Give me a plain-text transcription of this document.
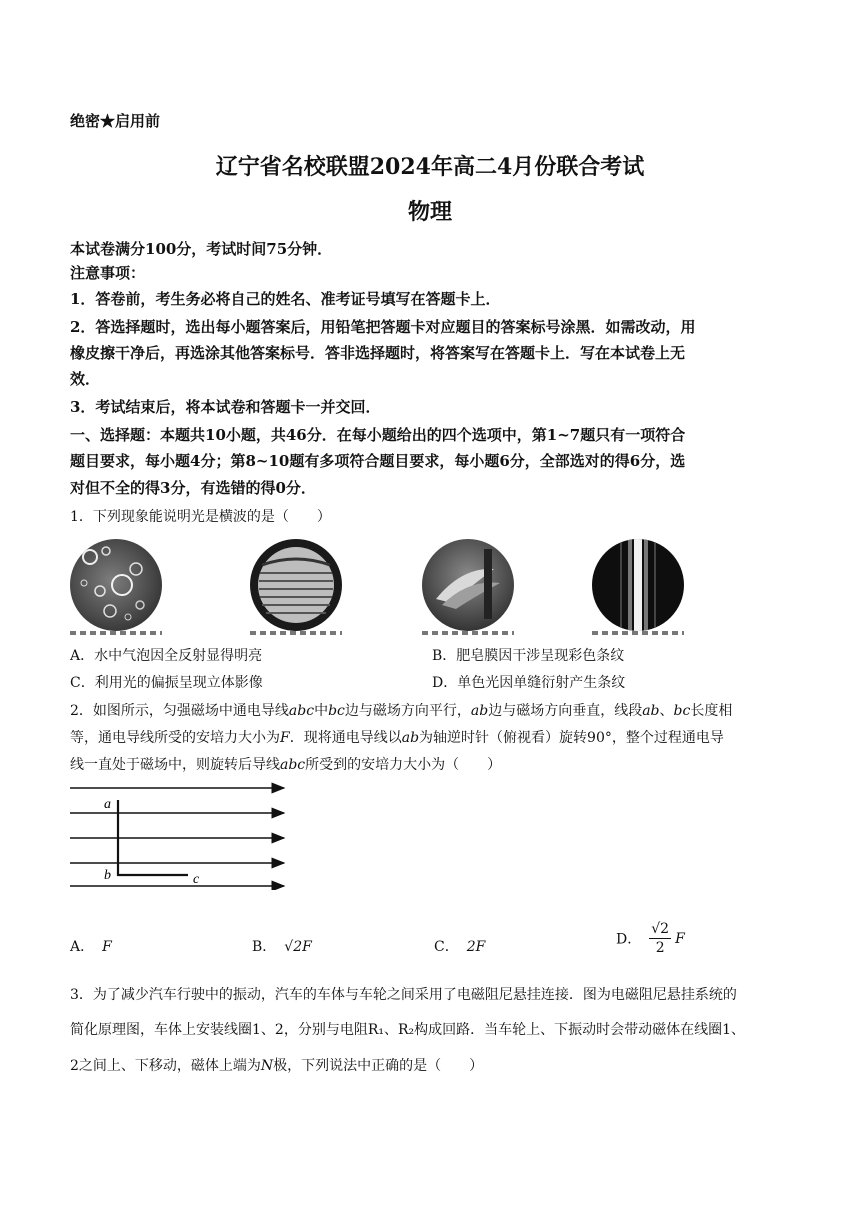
绝密★启用前
辽宁省名校联盟2024年高二4月份联合考试
物理
本试卷满分100分，考试时间75分钟．
注意事项：
1．答卷前，考生务必将自己的姓名、准考证号填写在答题卡上．
2．答选择题时，选出每小题答案后，用铅笔把答题卡对应题目的答案标号涂黑．如需改动，用
橡皮擦干净后，再选涂其他答案标号．答非选择题时，将答案写在答题卡上．写在本试卷上无
效．
3．考试结束后，将本试卷和答题卡一并交回．
一、选择题：本题共10小题，共46分．在每小题给出的四个选项中，第1~7题只有一项符合
题目要求，每小题4分；第8~10题有多项符合题目要求，每小题6分，全部选对的得6分，选
对但不全的得3分，有选错的得0分．
1．下列现象能说明光是横波的是（　　）
A．水中气泡因全反射显得明亮	B．肥皂膜因干涉呈现彩色条纹
C．利用光的偏振呈现立体影像	D．单色光因单缝衍射产生条纹
2．如图所示，匀强磁场中通电导线abc中bc边与磁场方向平行，ab边与磁场方向垂直，线段ab、bc长度相
等，通电导线所受的安培力大小为F．现将通电导线以ab为轴逆时针（俯视看）旋转90°，整个过程通电导
线一直处于磁场中，则旋转后导线abc所受到的安培力大小为（　　）
a
b	c
A． F	B． √2F	C． 2F	D． $\frac{√2}{2}$ F
3．为了减少汽车行驶中的振动，汽车的车体与车轮之间采用了电磁阻尼悬挂连接．图为电磁阻尼悬挂系统的
简化原理图，车体上安装线圈1、2，分别与电阻R₁、R₂构成回路．当车轮上、下振动时会带动磁体在线圈1、
2之间上、下移动，磁体上端为N极，下列说法中正确的是（　　）
